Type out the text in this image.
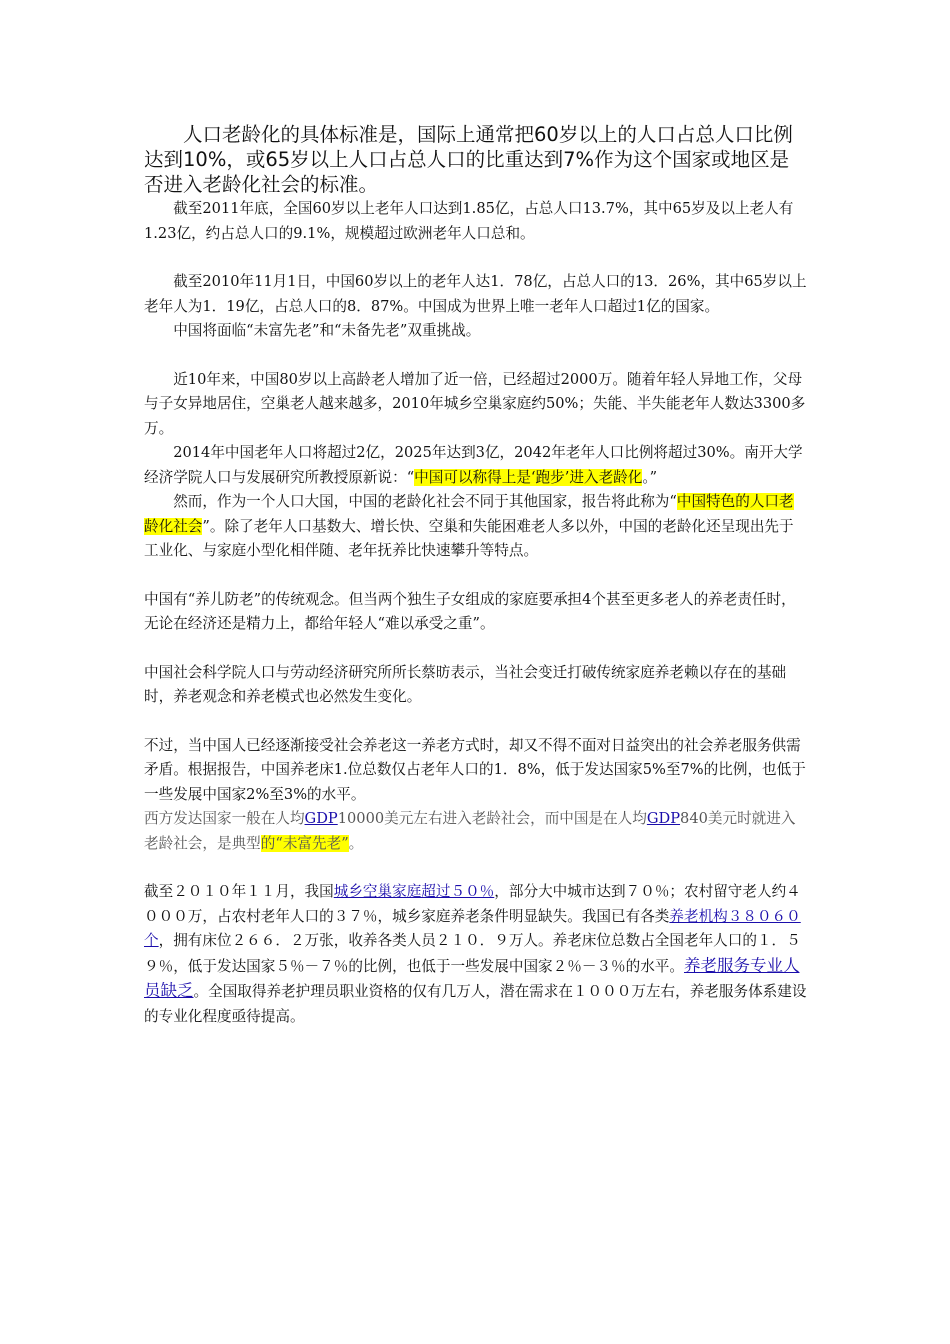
人口老龄化的具体标准是，国际上通常把60岁以上的人口占总人口比例达到10%，或65岁以上人口占总人口的比重达到7%作为这个国家或地区是否进入老龄化社会的标准。

截至2011年底，全国60岁以上老年人口达到1.85亿，占总人口13.7%，其中65岁及以上老人有1.23亿，约占总人口的9.1%，规模超过欧洲老年人口总和。

截至2010年11月1日，中国60岁以上的老年人达1．78亿，占总人口的13．26%，其中65岁以上老年人为1．19亿，占总人口的8．87%。中国成为世界上唯一老年人口超过1亿的国家。

中国将面临“未富先老”和“未备先老”双重挑战。

近10年来，中国80岁以上高龄老人增加了近一倍，已经超过2000万。随着年轻人异地工作，父母与子女异地居住，空巢老人越来越多，2010年城乡空巢家庭约50%；失能、半失能老年人数达3300多万。

2014年中国老年人口将超过2亿，2025年达到3亿，2042年老年人口比例将超过30%。南开大学经济学院人口与发展研究所教授原新说：“中国可以称得上是‘跑步’进入老龄化。”

然而，作为一个人口大国，中国的老龄化社会不同于其他国家，报告将此称为“中国特色的人口老龄化社会”。除了老年人口基数大、增长快、空巢和失能困难老人多以外，中国的老龄化还呈现出先于工业化、与家庭小型化相伴随、老年抚养比快速攀升等特点。

中国有“养儿防老”的传统观念。但当两个独生子女组成的家庭要承担4个甚至更多老人的养老责任时，无论在经济还是精力上，都给年轻人“难以承受之重”。

中国社会科学院人口与劳动经济研究所所长蔡昉表示，当社会变迁打破传统家庭养老赖以存在的基础时，养老观念和养老模式也必然发生变化。

不过，当中国人已经逐渐接受社会养老这一养老方式时，却又不得不面对日益突出的社会养老服务供需矛盾。根据报告，中国养老床1.位总数仅占老年人口的1．8%，低于发达国家5%至7%的比例，也低于一些发展中国家2%至3%的水平。

西方发达国家一般在人均GDP10000美元左右进入老龄社会，而中国是在人均GDP840美元时就进入老龄社会，是典型的“未富先老”。

截至２０１０年１１月，我国城乡空巢家庭超过５０％，部分大中城市达到７０％；农村留守老人约４０００万，占农村老年人口的３７％，城乡家庭养老条件明显缺失。我国已有各类养老机构３８０６０个，拥有床位２６６．２万张，收养各类人员２１０．９万人。养老床位总数占全国老年人口的１．５９％，低于发达国家５％－７％的比例，也低于一些发展中国家２％－３％的水平。养老服务专业人员缺乏。全国取得养老护理员职业资格的仅有几万人，潜在需求在１０００万左右，养老服务体系建设的专业化程度亟待提高。
